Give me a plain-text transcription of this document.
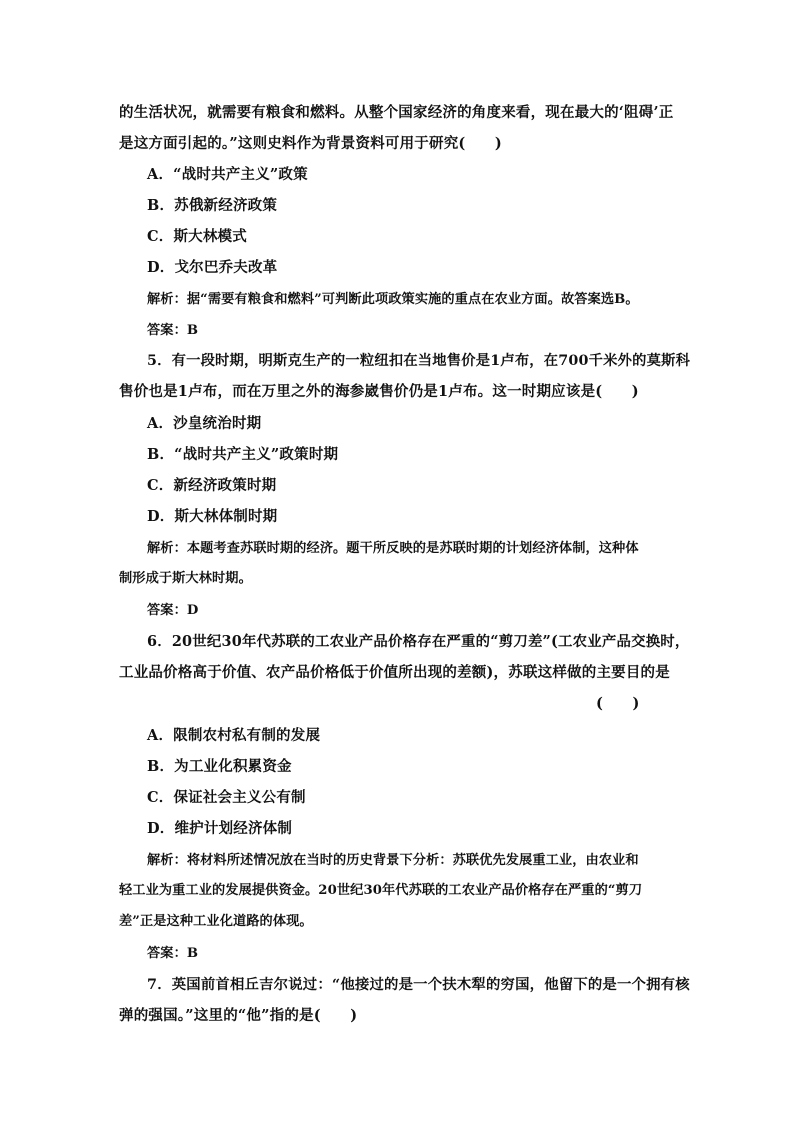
的生活状况，就需要有粮食和燃料。从整个国家经济的角度来看，现在最大的‘阻碍’正
是这方面引起的。”这则史料作为背景资料可用于研究(　　)
A．“战时共产主义”政策
B．苏俄新经济政策
C．斯大林模式
D．戈尔巴乔夫改革
解析：据“需要有粮食和燃料”可判断此项政策实施的重点在农业方面。故答案选B。
答案：B
5．有一段时期，明斯克生产的一粒纽扣在当地售价是1卢布，在700千米外的莫斯科
售价也是1卢布，而在万里之外的海参崴售价仍是1卢布。这一时期应该是(　　)
A．沙皇统治时期
B．“战时共产主义”政策时期
C．新经济政策时期
D．斯大林体制时期
解析：本题考查苏联时期的经济。题干所反映的是苏联时期的计划经济体制，这种体
制形成于斯大林时期。
答案：D
6．20世纪30年代苏联的工农业产品价格存在严重的“剪刀差”(工农业产品交换时，
工业品价格高于价值、农产品价格低于价值所出现的差额)，苏联这样做的主要目的是
(　　)
A．限制农村私有制的发展
B．为工业化积累资金
C．保证社会主义公有制
D．维护计划经济体制
解析：将材料所述情况放在当时的历史背景下分析：苏联优先发展重工业，由农业和
轻工业为重工业的发展提供资金。20世纪30年代苏联的工农业产品价格存在严重的“剪刀
差”正是这种工业化道路的体现。
答案：B
7．英国前首相丘吉尔说过：“他接过的是一个扶木犁的穷国，他留下的是一个拥有核
弹的强国。”这里的“他”指的是(　　)
